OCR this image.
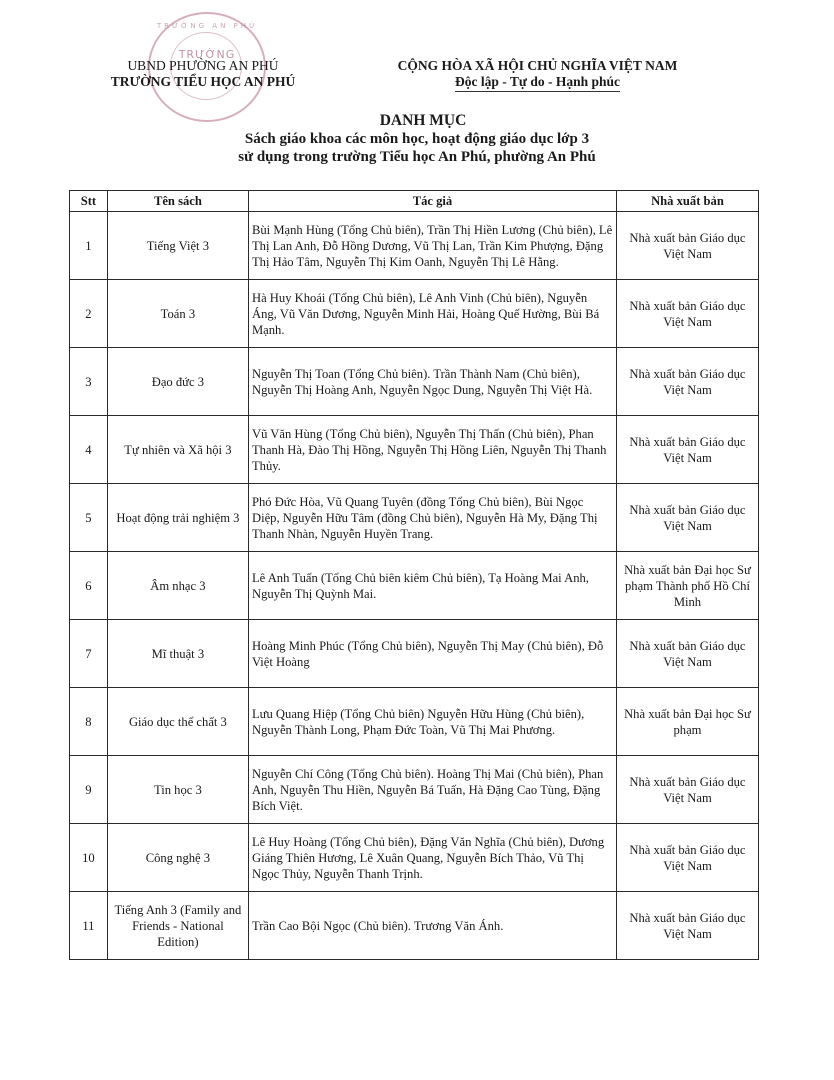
TRƯỜNG AN PHÚ
TRƯỜNG
UBND PHƯỜNG AN PHÚ
TRƯỜNG TIỂU HỌC AN PHÚ
CỘNG HÒA XÃ HỘI CHỦ NGHĨA VIỆT NAM
Độc lập - Tự do - Hạnh phúc
DANH MỤC
Sách giáo khoa các môn học, hoạt động giáo dục lớp 3
sử dụng trong trường Tiểu học An Phú, phường An Phú
Stt	Tên sách	Tác giả	Nhà xuất bản
1	Tiếng Việt 3	Bùi Mạnh Hùng (Tổng Chủ biên), Trần Thị Hiền Lương (Chủ biên), Lê Thị Lan Anh, Đỗ Hồng Dương, Vũ Thị Lan, Trần Kim Phượng, Đặng Thị Hảo Tâm, Nguyễn Thị Kim Oanh, Nguyễn Thị Lê Hằng.	Nhà xuất bản Giáo dục Việt Nam
2	Toán 3	Hà Huy Khoái (Tổng Chủ biên), Lê Anh Vinh (Chủ biên), Nguyễn Áng, Vũ Văn Dương, Nguyễn Minh Hải, Hoàng Quế Hường, Bùi Bá Mạnh.	Nhà xuất bản Giáo dục Việt Nam
3	Đạo đức 3	Nguyễn Thị Toan (Tổng Chủ biên). Trần Thành Nam (Chủ biên), Nguyễn Thị Hoàng Anh, Nguyễn Ngọc Dung, Nguyễn Thị Việt Hà.	Nhà xuất bản Giáo dục Việt Nam
4	Tự nhiên và Xã hội 3	Vũ Văn Hùng (Tổng Chủ biên), Nguyễn Thị Thấn (Chủ biên), Phan Thanh Hà, Đào Thị Hồng, Nguyễn Thị Hồng Liên, Nguyễn Thị Thanh Thủy.	Nhà xuất bản Giáo dục Việt Nam
5	Hoạt động trải nghiệm 3	Phó Đức Hòa, Vũ Quang Tuyên (đồng Tổng Chủ biên), Bùi Ngọc Diệp, Nguyễn Hữu Tâm (đồng Chủ biên), Nguyễn Hà My, Đặng Thị Thanh Nhàn, Nguyễn Huyền Trang.	Nhà xuất bản Giáo dục Việt Nam
6	Âm nhạc 3	Lê Anh Tuấn (Tổng Chủ biên kiêm Chủ biên), Tạ Hoàng Mai Anh, Nguyễn Thị Quỳnh Mai.	Nhà xuất bản Đại học Sư phạm Thành phố Hồ Chí Minh
7	Mĩ thuật 3	Hoàng Minh Phúc (Tổng Chủ biên), Nguyễn Thị May (Chủ biên), Đỗ Việt Hoàng	Nhà xuất bản Giáo dục Việt Nam
8	Giáo dục thể chất 3	Lưu Quang Hiệp (Tổng Chủ biên) Nguyễn Hữu Hùng (Chủ biên), Nguyễn Thành Long, Phạm Đức Toàn, Vũ Thị Mai Phương.	Nhà xuất bản Đại học Sư phạm
9	Tin học 3	Nguyễn Chí Công (Tổng Chủ biên). Hoàng Thị Mai (Chủ biên), Phan Anh, Nguyễn Thu Hiền, Nguyễn Bá Tuấn, Hà Đặng Cao Tùng, Đặng Bích Việt.	Nhà xuất bản Giáo dục Việt Nam
10	Công nghệ 3	Lê Huy Hoàng (Tổng Chủ biên), Đặng Văn Nghĩa (Chủ biên), Dương Giáng Thiên Hương, Lê Xuân Quang, Nguyễn Bích Thảo, Vũ Thị Ngọc Thủy, Nguyễn Thanh Trịnh.	Nhà xuất bản Giáo dục Việt Nam
11	Tiếng Anh 3 (Family and Friends - National Edition)	Trần Cao Bội Ngọc (Chủ biên). Trương Văn Ánh.	Nhà xuất bản Giáo dục Việt Nam
